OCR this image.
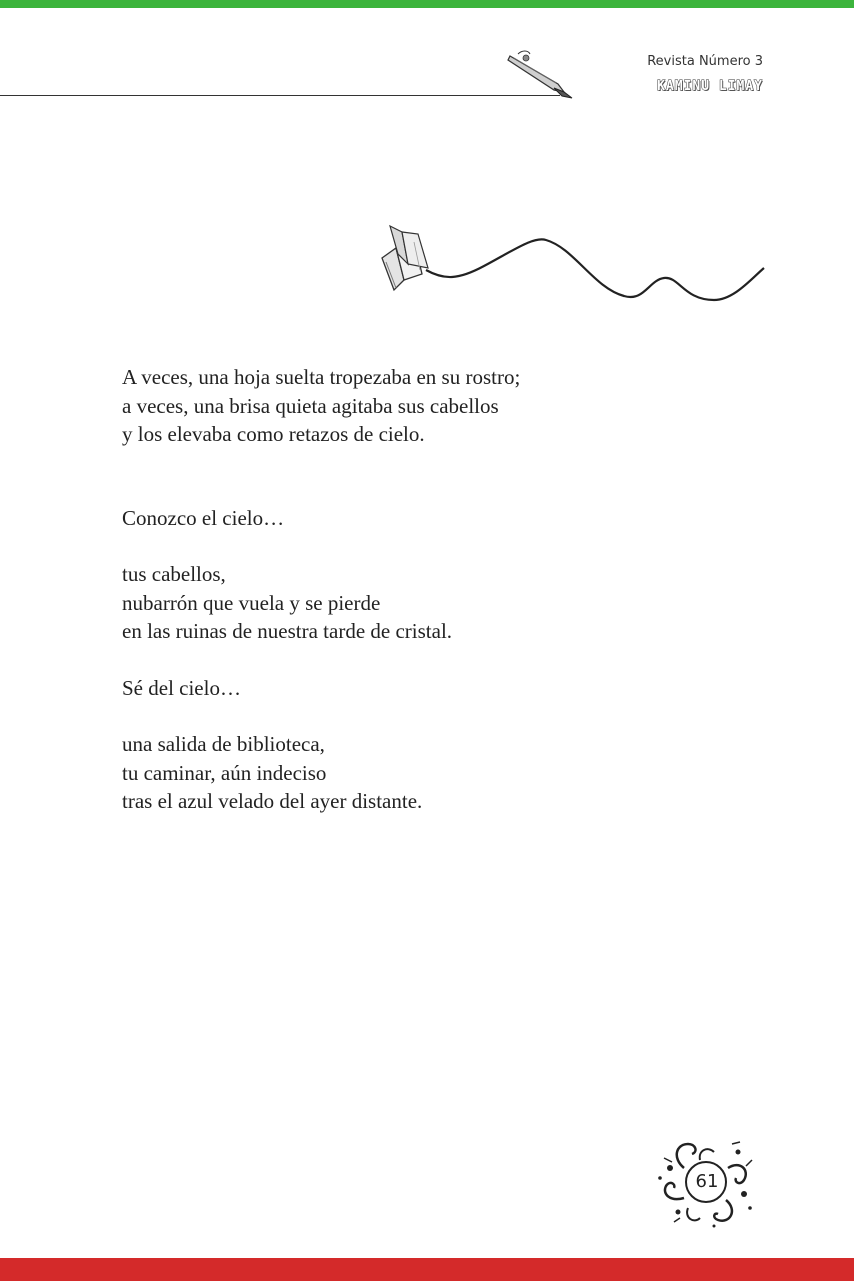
Revista Número 3
KAMINU LIMAY
A veces, una hoja suelta tropezaba en su rostro;
a veces, una brisa quieta agitaba sus cabellos
y los elevaba como retazos de cielo.
Conozco el cielo…
tus cabellos,
nubarrón que vuela y se pierde
en las ruinas de nuestra tarde de cristal.
Sé del cielo…
una salida de biblioteca,
tu caminar, aún indeciso
tras el azul velado del ayer distante.
61
